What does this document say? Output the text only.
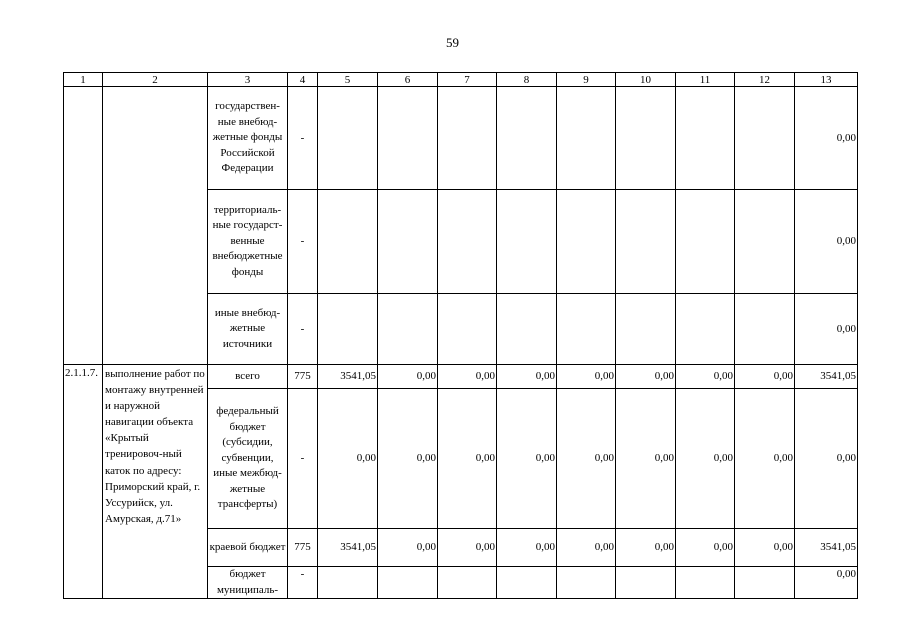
59
1	2	3	4	5	6	7	8	9	10	11	12	13
		государствен-ные внебюд-жетные фонды Российской Федерации	-									0,00
		территориаль-ные государст-венные внебюджетные фонды	-									0,00
		иные внебюд-жетные источники	-									0,00
2.1.1.7.	выполнение работ по монтажу внутренней и наружной навигации объекта «Крытый тренировоч-ный каток по адресу: Приморский край, г. Уссурийск, ул. Амурская, д.71»	всего	775	3541,05	0,00	0,00	0,00	0,00	0,00	0,00	0,00	3541,05
		федеральный бюджет (субсидии, субвенции, иные межбюд-жетные трансферты)	-	0,00	0,00	0,00	0,00	0,00	0,00	0,00	0,00	0,00
		краевой бюджет	775	3541,05	0,00	0,00	0,00	0,00	0,00	0,00	0,00	3541,05
		бюджет муниципаль-	-									0,00
